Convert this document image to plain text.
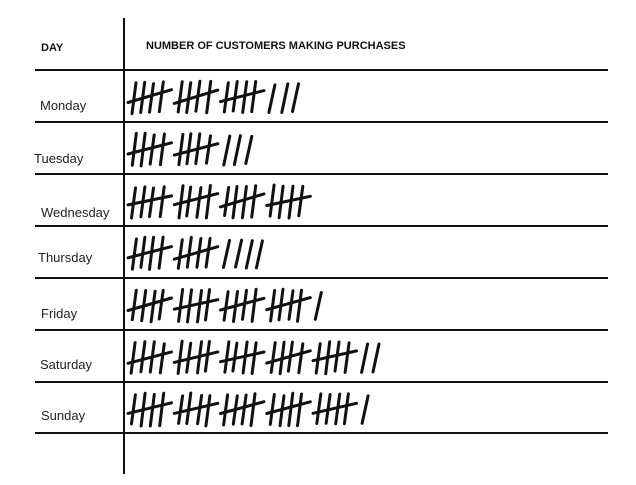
DAY	NUMBER OF CUSTOMERS MAKING PURCHASES
Monday
Tuesday
Wednesday
Thursday
Friday
Saturday
Sunday
